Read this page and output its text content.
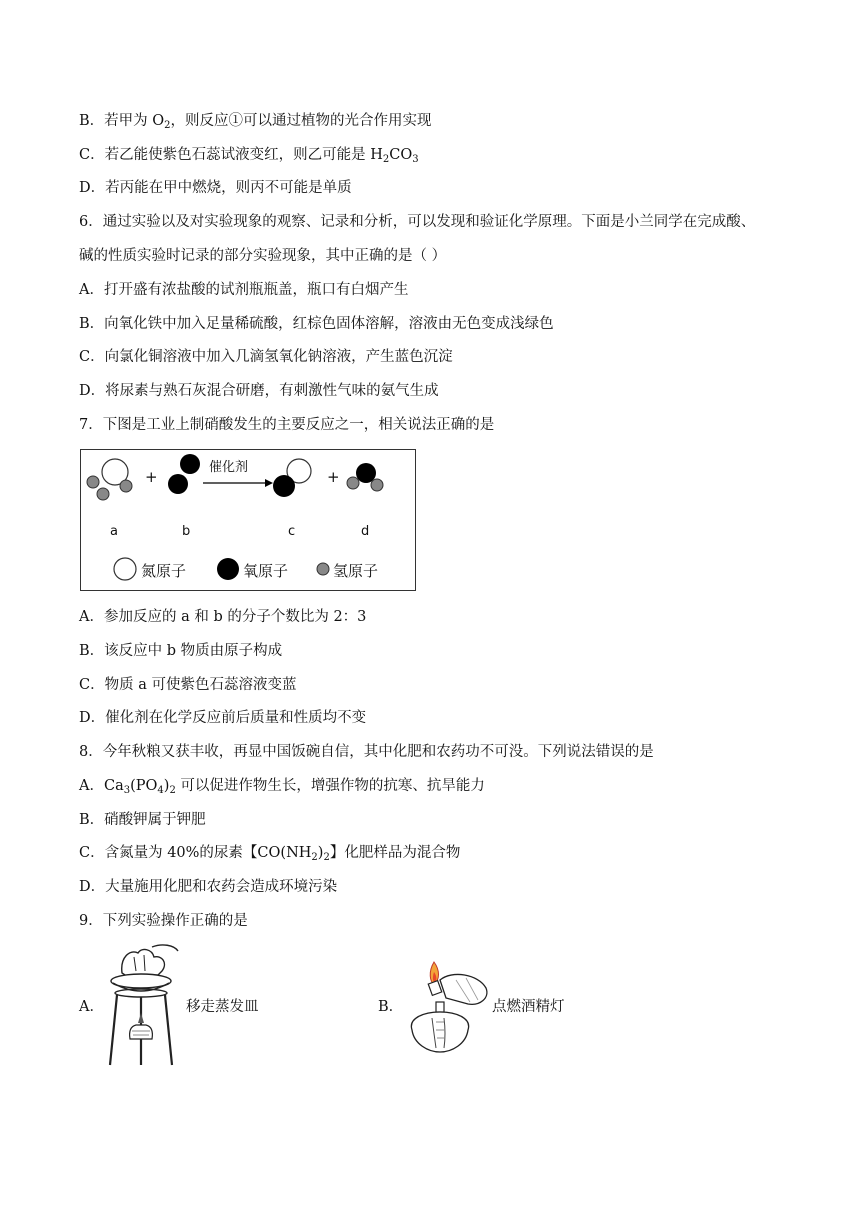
B．若甲为 $O_2$，则反应①可以通过植物的光合作用实现
C．若乙能使紫色石蕊试液变红，则乙可能是 $H_2CO_3$
D．若丙能在甲中燃烧，则丙不可能是单质
6．通过实验以及对实验现象的观察、记录和分析，可以发现和验证化学原理。下面是小兰同学在完成酸、
碱的性质实验时记录的部分实验现象，其中正确的是（ ）
A．打开盛有浓盐酸的试剂瓶瓶盖，瓶口有白烟产生
B．向氧化铁中加入足量稀硫酸，红棕色固体溶解，溶液由无色变成浅绿色
C．向氯化铜溶液中加入几滴氢氧化钠溶液，产生蓝色沉淀
D．将尿素与熟石灰混合研磨，有刺激性气味的氨气生成
7．下图是工业上制硝酸发生的主要反应之一，相关说法正确的是
催化剂
+	+
a	b	c	d
氮原子	氧原子	氢原子
A．参加反应的 a 和 b 的分子个数比为 2：3
B．该反应中 b 物质由原子构成
C．物质 a 可使紫色石蕊溶液变蓝
D．催化剂在化学反应前后质量和性质均不变
8．今年秋粮又获丰收，再显中国饭碗自信，其中化肥和农药功不可没。下列说法错误的是
A．$Ca_3(PO_4)_2$ 可以促进作物生长，增强作物的抗寒、抗旱能力
B．硝酸钾属于钾肥
C．含氮量为 40%的尿素【$CO(NH_2)_2$】化肥样品为混合物
D．大量施用化肥和农药会造成环境污染
9．下列实验操作正确的是
A．	移走蒸发皿	B．	点燃酒精灯
